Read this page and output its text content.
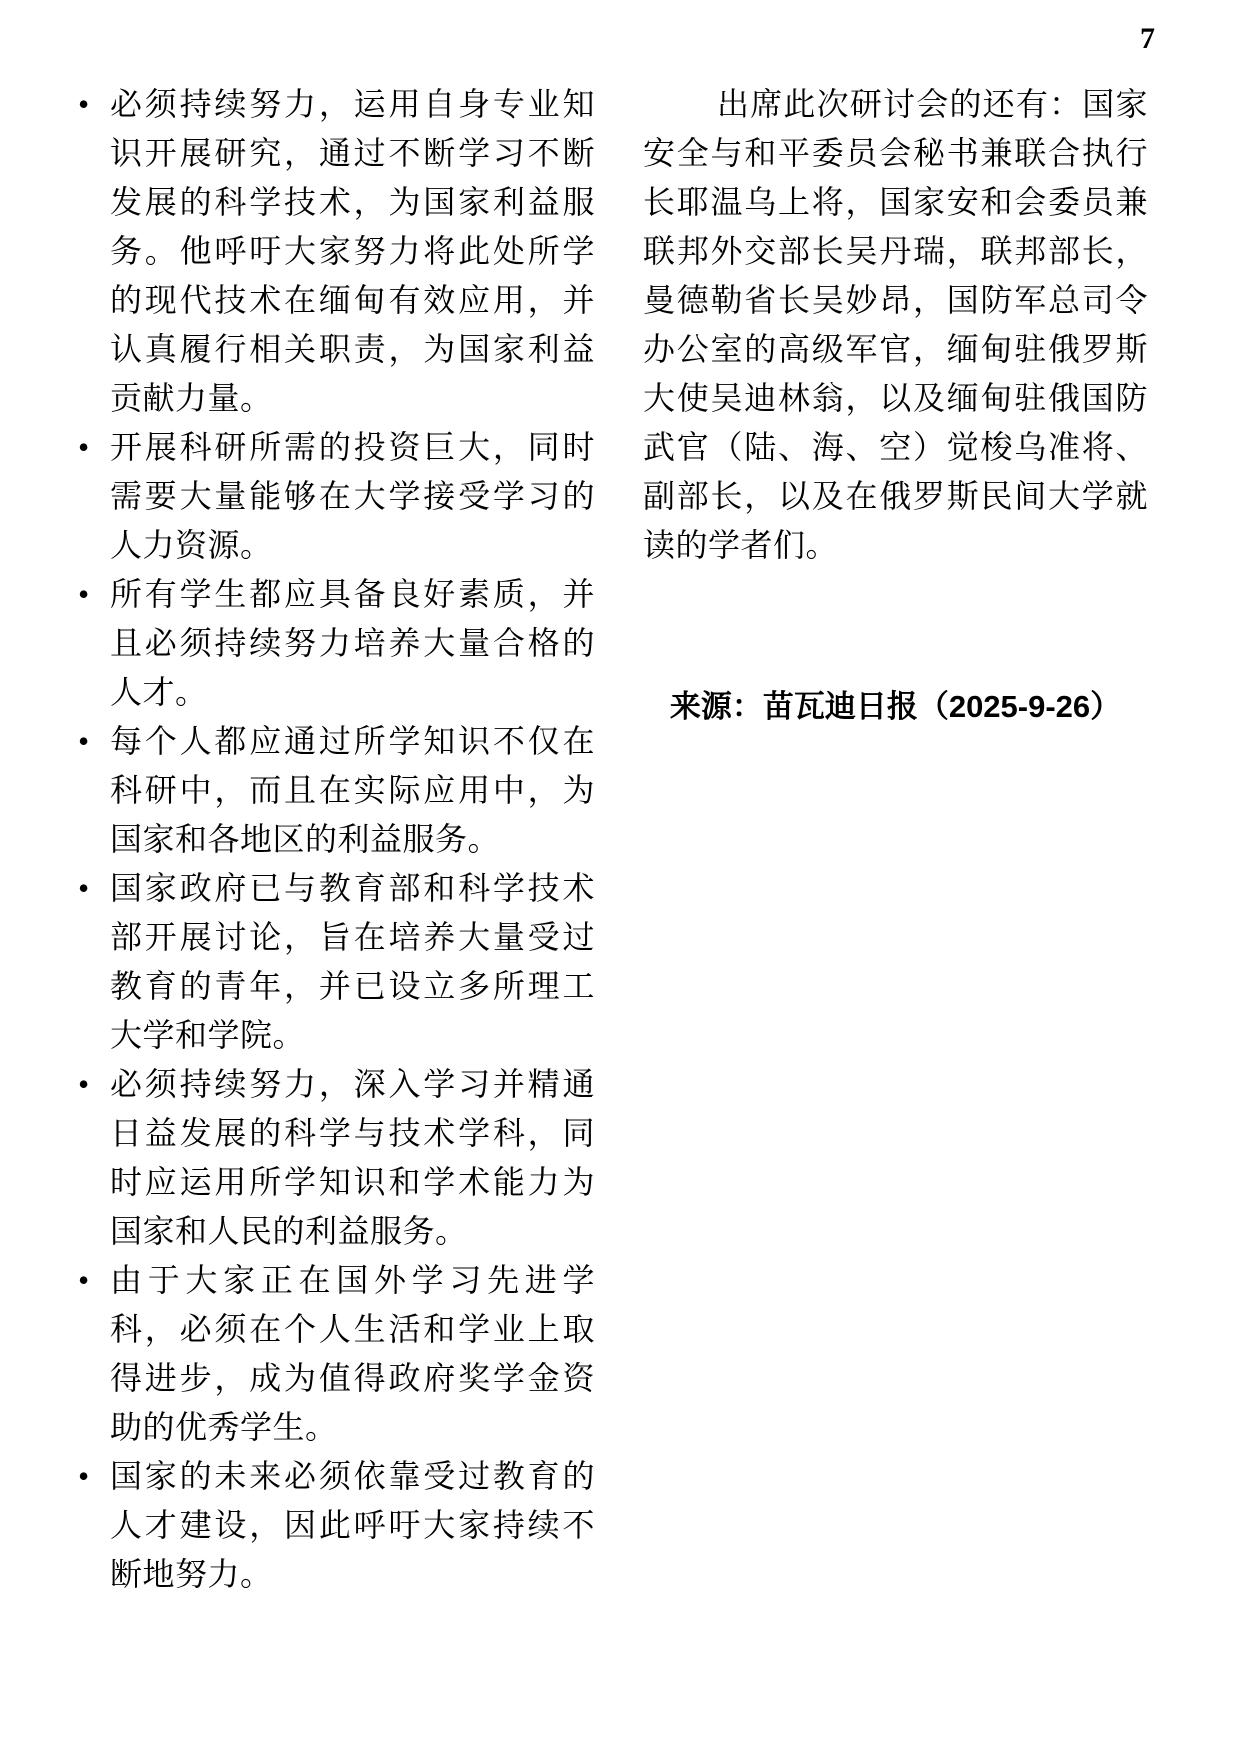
7
• 必须持续努力，运用自身专业知识开展研究，通过不断学习不断发展的科学技术，为国家利益服务。他呼吁大家努力将此处所学的现代技术在缅甸有效应用，并认真履行相关职责，为国家利益贡献力量。
• 开展科研所需的投资巨大，同时需要大量能够在大学接受学习的人力资源。
• 所有学生都应具备良好素质，并且必须持续努力培养大量合格的人才。
• 每个人都应通过所学知识不仅在科研中，而且在实际应用中，为国家和各地区的利益服务。
• 国家政府已与教育部和科学技术部开展讨论，旨在培养大量受过教育的青年，并已设立多所理工大学和学院。
• 必须持续努力，深入学习并精通日益发展的科学与技术学科，同时应运用所学知识和学术能力为国家和人民的利益服务。
• 由于大家正在国外学习先进学科，必须在个人生活和学业上取得进步，成为值得政府奖学金资助的优秀学生。
• 国家的未来必须依靠受过教育的人才建设，因此呼吁大家持续不断地努力。

出席此次研讨会的还有：国家安全与和平委员会秘书兼联合执行长耶温乌上将，国家安和会委员兼联邦外交部长吴丹瑞，联邦部长，曼德勒省长吴妙昂，国防军总司令办公室的高级军官，缅甸驻俄罗斯大使吴迪林翁，以及缅甸驻俄国防武官（陆、海、空）觉梭乌准将、副部长，以及在俄罗斯民间大学就读的学者们。

来源：苗瓦迪日报（2025-9-26）
